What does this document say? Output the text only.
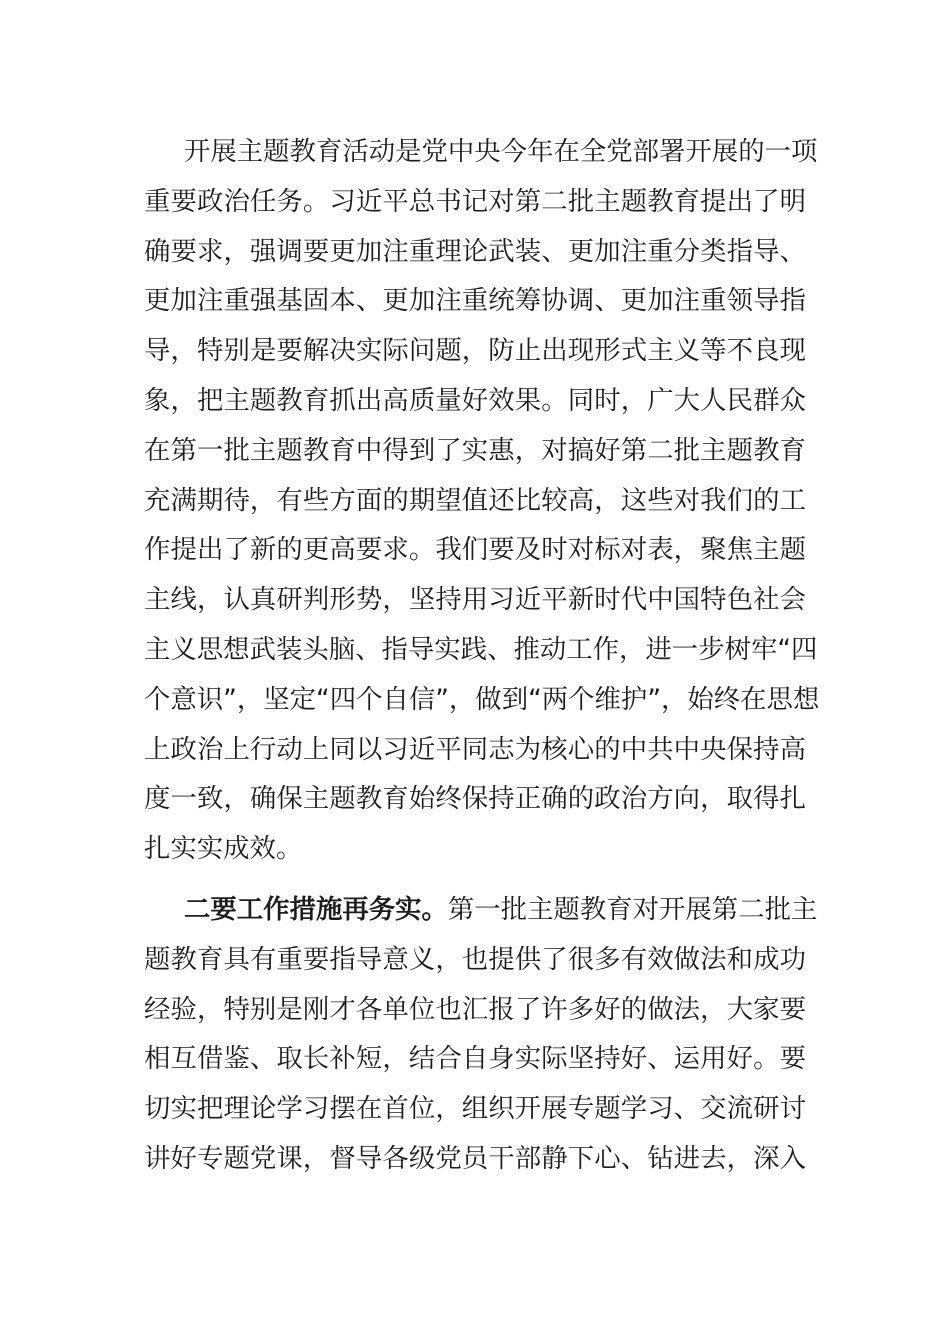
开展主题教育活动是党中央今年在全党部署开展的一项
重要政治任务。习近平总书记对第二批主题教育提出了明
确要求，强调要更加注重理论武装、更加注重分类指导、
更加注重强基固本、更加注重统筹协调、更加注重领导指
导，特别是要解决实际问题，防止出现形式主义等不良现
象，把主题教育抓出高质量好效果。同时，广大人民群众
在第一批主题教育中得到了实惠，对搞好第二批主题教育
充满期待，有些方面的期望值还比较高，这些对我们的工
作提出了新的更高要求。我们要及时对标对表，聚焦主题
主线，认真研判形势，坚持用习近平新时代中国特色社会
主义思想武装头脑、指导实践、推动工作，进一步树牢“四
个意识”，坚定“四个自信”，做到“两个维护”，始终在思想
上政治上行动上同以习近平同志为核心的中共中央保持高
度一致，确保主题教育始终保持正确的政治方向，取得扎
扎实实成效。
二要工作措施再务实。第一批主题教育对开展第二批主
题教育具有重要指导意义，也提供了很多有效做法和成功
经验，特别是刚才各单位也汇报了许多好的做法，大家要
相互借鉴、取长补短，结合自身实际坚持好、运用好。要
切实把理论学习摆在首位，组织开展专题学习、交流研讨
讲好专题党课，督导各级党员干部静下心、钻进去，深入
